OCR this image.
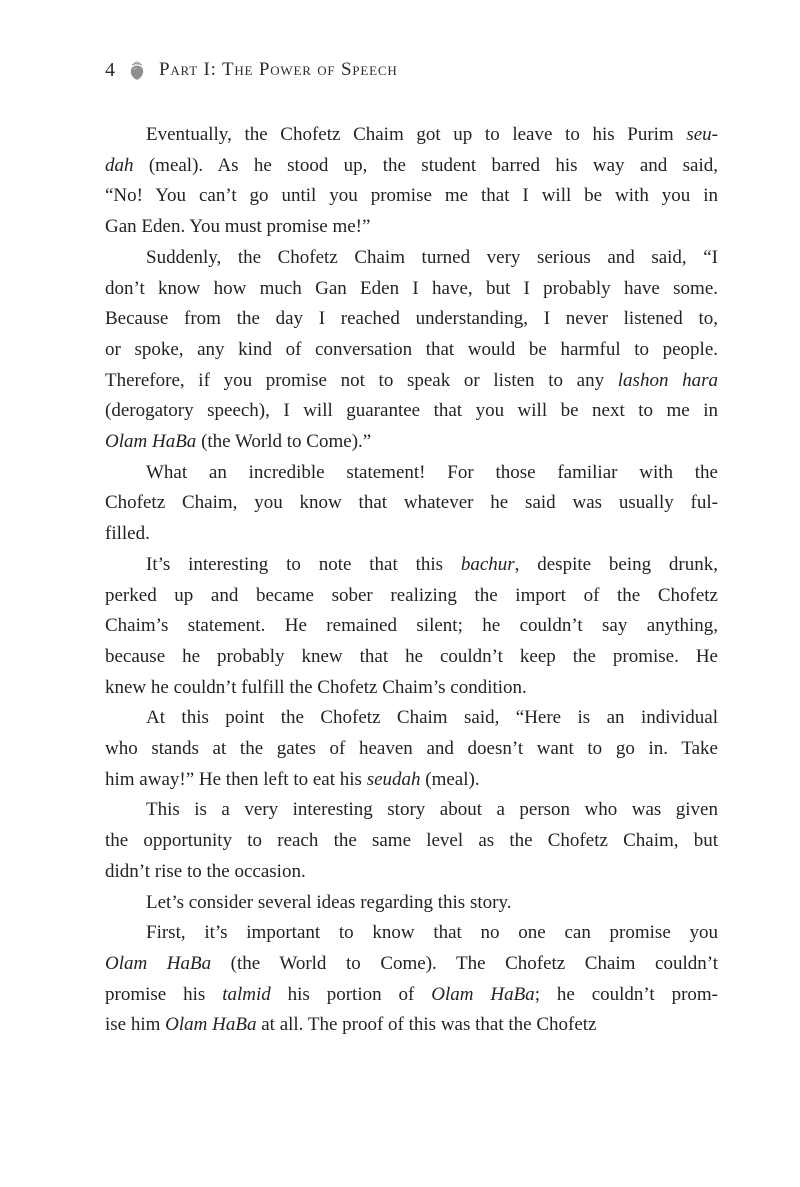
4 Part I: The Power of Speech
Eventually, the Chofetz Chaim got up to leave to his Purim seu-
dah (meal). As he stood up, the student barred his way and said,
“No! You can’t go until you promise me that I will be with you in
Gan Eden. You must promise me!”
Suddenly, the Chofetz Chaim turned very serious and said, “I
don’t know how much Gan Eden I have, but I probably have some.
Because from the day I reached understanding, I never listened to,
or spoke, any kind of conversation that would be harmful to people.
Therefore, if you promise not to speak or listen to any lashon hara
(derogatory speech), I will guarantee that you will be next to me in
Olam HaBa (the World to Come).”
What an incredible statement! For those familiar with the
Chofetz Chaim, you know that whatever he said was usually ful-
filled.
It’s interesting to note that this bachur, despite being drunk,
perked up and became sober realizing the import of the Chofetz
Chaim’s statement. He remained silent; he couldn’t say anything,
because he probably knew that he couldn’t keep the promise. He
knew he couldn’t fulfill the Chofetz Chaim’s condition.
At this point the Chofetz Chaim said, “Here is an individual
who stands at the gates of heaven and doesn’t want to go in. Take
him away!” He then left to eat his seudah (meal).
This is a very interesting story about a person who was given
the opportunity to reach the same level as the Chofetz Chaim, but
didn’t rise to the occasion.
Let’s consider several ideas regarding this story.
First, it’s important to know that no one can promise you
Olam HaBa (the World to Come). The Chofetz Chaim couldn’t
promise his talmid his portion of Olam HaBa; he couldn’t prom-
ise him Olam HaBa at all. The proof of this was that the Chofetz
